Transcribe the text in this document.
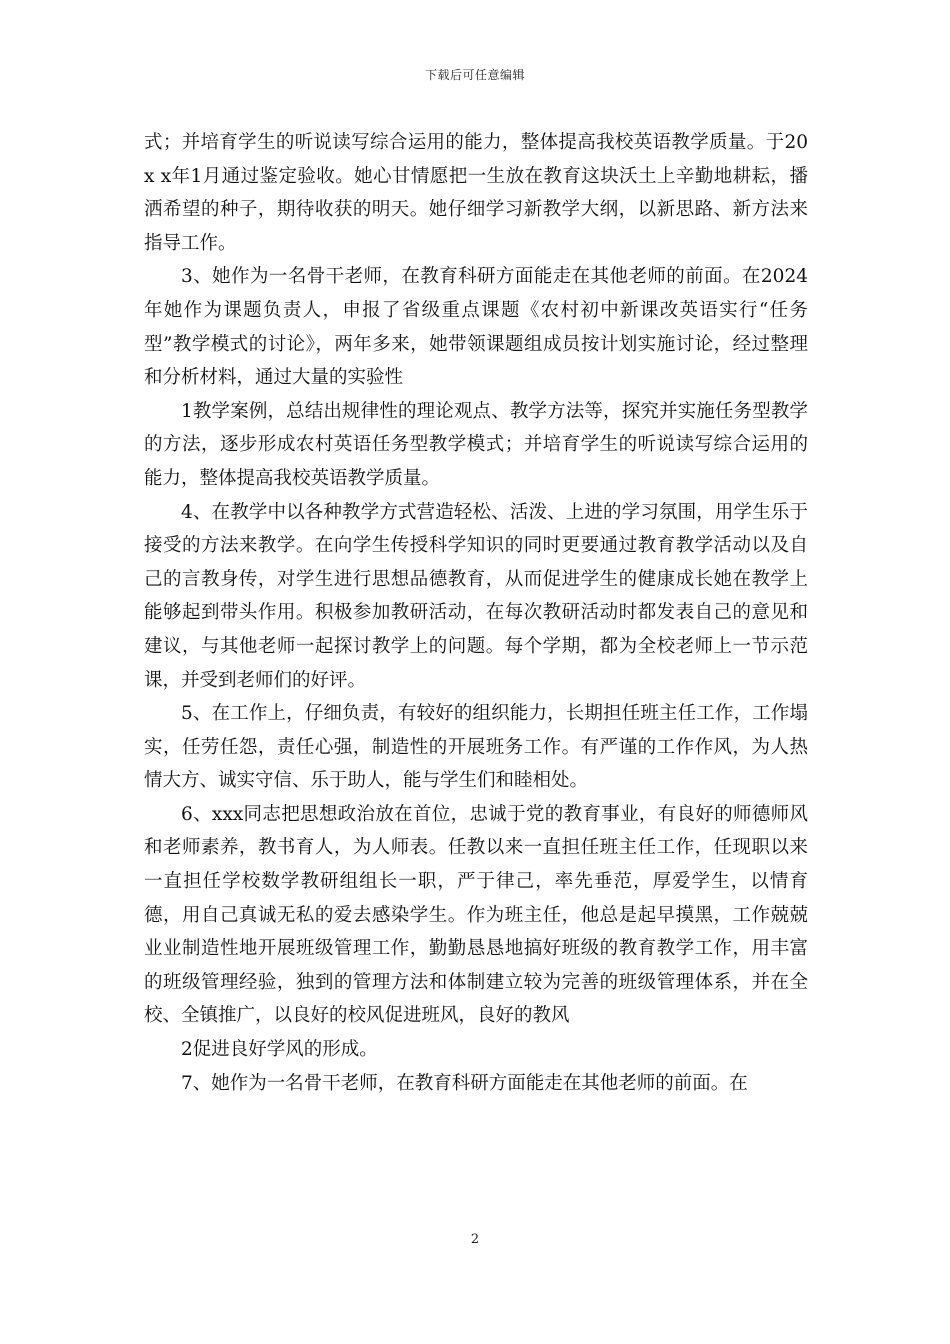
下载后可任意编辑

式；并培育学生的听说读写综合运用的能力，整体提高我校英语教学质量。于20 x x年1月通过鉴定验收。她心甘情愿把一生放在教育这块沃土上辛勤地耕耘，播洒希望的种子，期待收获的明天。她仔细学习新教学大纲，以新思路、新方法来指导工作。

3、她作为一名骨干老师，在教育科研方面能走在其他老师的前面。在2024年她作为课题负责人，申报了省级重点课题《农村初中新课改英语实行“任务型”教学模式的讨论》，两年多来，她带领课题组成员按计划实施讨论，经过整理和分析材料，通过大量的实验性

1教学案例，总结出规律性的理论观点、教学方法等，探究并实施任务型教学的方法，逐步形成农村英语任务型教学模式；并培育学生的听说读写综合运用的能力，整体提高我校英语教学质量。

4、在教学中以各种教学方式营造轻松、活泼、上进的学习氛围，用学生乐于接受的方法来教学。在向学生传授科学知识的同时更要通过教育教学活动以及自己的言教身传，对学生进行思想品德教育，从而促进学生的健康成长她在教学上能够起到带头作用。积极参加教研活动，在每次教研活动时都发表自己的意见和建议，与其他老师一起探讨教学上的问题。每个学期，都为全校老师上一节示范课，并受到老师们的好评。

5、在工作上，仔细负责，有较好的组织能力，长期担任班主任工作，工作塌实，任劳任怨，责任心强，制造性的开展班务工作。有严谨的工作作风，为人热情大方、诚实守信、乐于助人，能与学生们和睦相处。

6、xxx同志把思想政治放在首位，忠诚于党的教育事业，有良好的师德师风和老师素养，教书育人，为人师表。任教以来一直担任班主任工作，任现职以来一直担任学校数学教研组组长一职，严于律己，率先垂范，厚爱学生，以情育德，用自己真诚无私的爱去感染学生。作为班主任，他总是起早摸黑，工作兢兢业业制造性地开展班级管理工作，勤勤恳恳地搞好班级的教育教学工作，用丰富的班级管理经验，独到的管理方法和体制建立较为完善的班级管理体系，并在全校、全镇推广，以良好的校风促进班风，良好的教风

2促进良好学风的形成。

7、她作为一名骨干老师，在教育科研方面能走在其他老师的前面。在

2
